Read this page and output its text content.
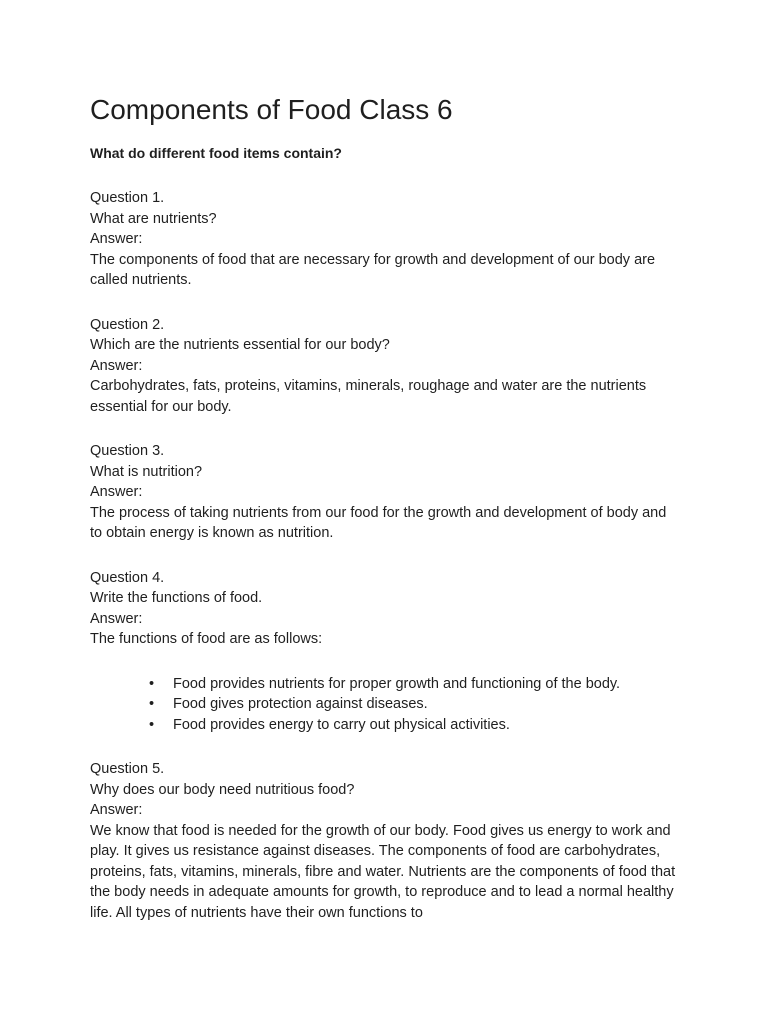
Components of Food Class 6

What do different food items contain?

Question 1.

What are nutrients?

Answer:

The components of food that are necessary for growth and development of our body are called nutrients.

Question 2.

Which are the nutrients essential for our body?

Answer:

Carbohydrates, fats, proteins, vitamins, minerals, roughage and water are the nutrients essential for our body.

Question 3.

What is nutrition?

Answer:

The process of taking nutrients from our food for the growth and development of body and to obtain energy is known as nutrition.

Question 4.

Write the functions of food.

Answer:

The functions of food are as follows:

• Food provides nutrients for proper growth and functioning of the body.
• Food gives protection against diseases.
• Food provides energy to carry out physical activities.

Question 5.

Why does our body need nutritious food?

Answer:

We know that food is needed for the growth of our body. Food gives us energy to work and play. It gives us resistance against diseases. The components of food are carbohydrates, proteins, fats, vitamins, minerals, fibre and water. Nutrients are the components of food that the body needs in adequate amounts for growth, to reproduce and to lead a normal healthy life. All types of nutrients have their own functions to
